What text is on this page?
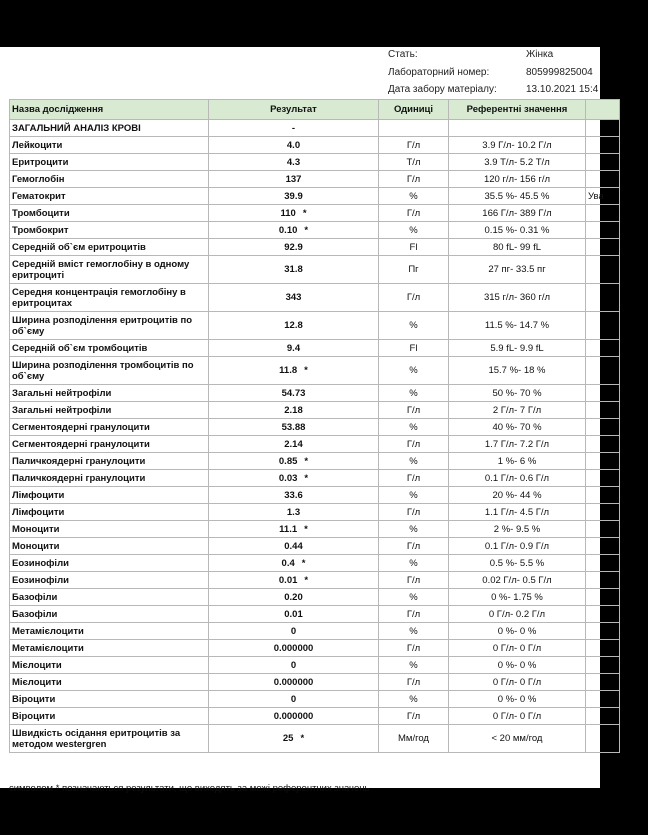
Стать:	Жінка
Лабораторний номер:	805999825004
Дата забору матеріалу:	13.10.2021 15:4
Назва дослідження	Результат	Одиниці	Референтні значення	
ЗАГАЛЬНИЙ АНАЛІЗ КРОВІ	-			
Лейкоцити	4.0	Г/л	3.9 Г/л- 10.2 Г/л	
Еритроцити	4.3	Т/л	3.9 Т/л- 5.2 Т/л	
Гемоглобін	137	Г/л	120 г/л- 156 г/л	
Гематокрит	39.9	%	35.5 %- 45.5 %	Ува
Тромбоцити	110 *	Г/л	166 Г/л- 389 Г/л	
Тромбокрит	0.10 *	%	0.15 %- 0.31 %	
Середній об`єм еритроцитів	92.9	Fl	80 fL- 99 fL	
Середній вміст гемоглобіну в одному еритроциті	31.8	Пг	27 пг- 33.5 пг	
Середня концентрація гемоглобіну в еритроцитах	343	Г/л	315 г/л- 360 г/л	
Ширина розподілення еритроцитів по об`єму	12.8	%	11.5 %- 14.7 %	
Середній об`єм тромбоцитів	9.4	Fl	5.9 fL- 9.9 fL	
Ширина розподілення тромбоцитів по об`єму	11.8 *	%	15.7 %- 18 %	
Загальні нейтрофіли	54.73	%	50 %- 70 %	
Загальні нейтрофіли	2.18	Г/л	2 Г/л- 7 Г/л	
Сегментоядерні гранулоцити	53.88	%	40 %- 70 %	
Сегментоядерні гранулоцити	2.14	Г/л	1.7 Г/л- 7.2 Г/л	
Паличкоядерні гранулоцити	0.85 *	%	1 %- 6 %	
Паличкоядерні гранулоцити	0.03 *	Г/л	0.1 Г/л- 0.6 Г/л	
Лімфоцити	33.6	%	20 %- 44 %	
Лімфоцити	1.3	Г/л	1.1 Г/л- 4.5 Г/л	
Моноцити	11.1 *	%	2 %- 9.5 %	
Моноцити	0.44	Г/л	0.1 Г/л- 0.9 Г/л	
Еозинофіли	0.4 *	%	0.5 %- 5.5 %	
Еозинофіли	0.01 *	Г/л	0.02 Г/л- 0.5 Г/л	
Базофіли	0.20	%	0 %- 1.75 %	
Базофіли	0.01	Г/л	0 Г/л- 0.2 Г/л	
Метамієлоцити	0	%	0 %- 0 %	
Метамієлоцити	0.000000	Г/л	0 Г/л- 0 Г/л	
Мієлоцити	0	%	0 %- 0 %	
Мієлоцити	0.000000	Г/л	0 Г/л- 0 Г/л	
Віроцити	0	%	0 %- 0 %	
Віроцити	0.000000	Г/л	0 Г/л- 0 Г/л	
Швидкість осідання еритроцитів за методом westergren	25 *	Мм/год	< 20 мм/год	
символом * позначаються результати, що виходять за межі референтних значень
